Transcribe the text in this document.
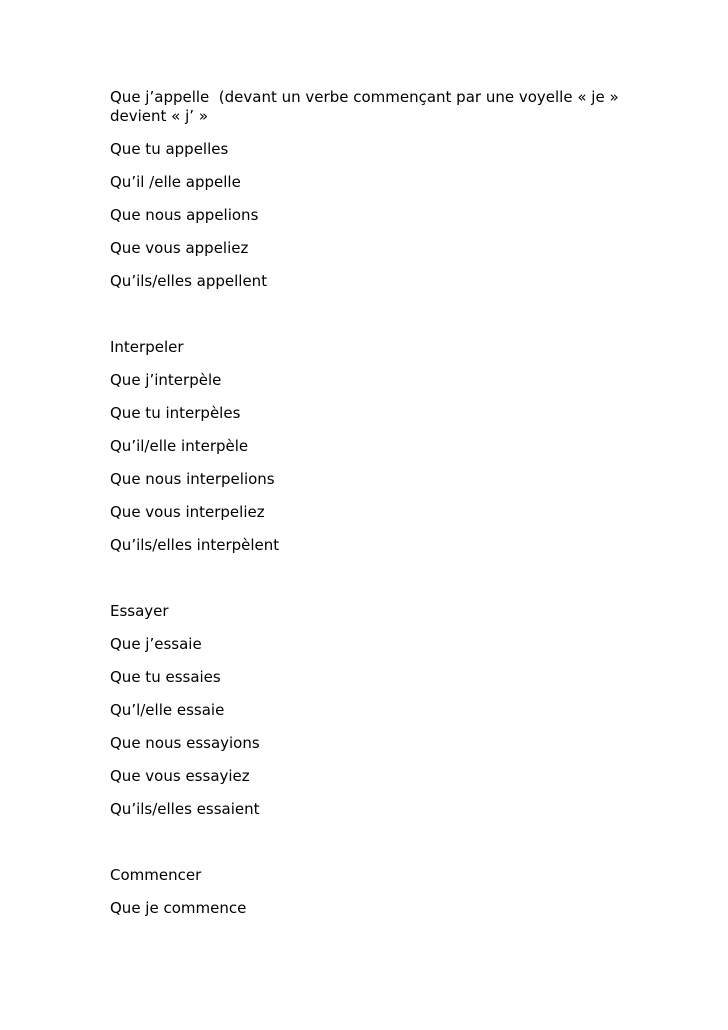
Que j’appelle  (devant un verbe commençant par une voyelle « je » devient « j’ »
Que tu appelles
Qu’il /elle appelle
Que nous appelions
Que vous appeliez
Qu’ils/elles appellent
Interpeler
Que j’interpèle
Que tu interpèles
Qu’il/elle interpèle
Que nous interpelions
Que vous interpeliez
Qu’ils/elles interpèlent
Essayer
Que j’essaie
Que tu essaies
Qu’l/elle essaie
Que nous essayions
Que vous essayiez
Qu’ils/elles essaient
Commencer
Que je commence
